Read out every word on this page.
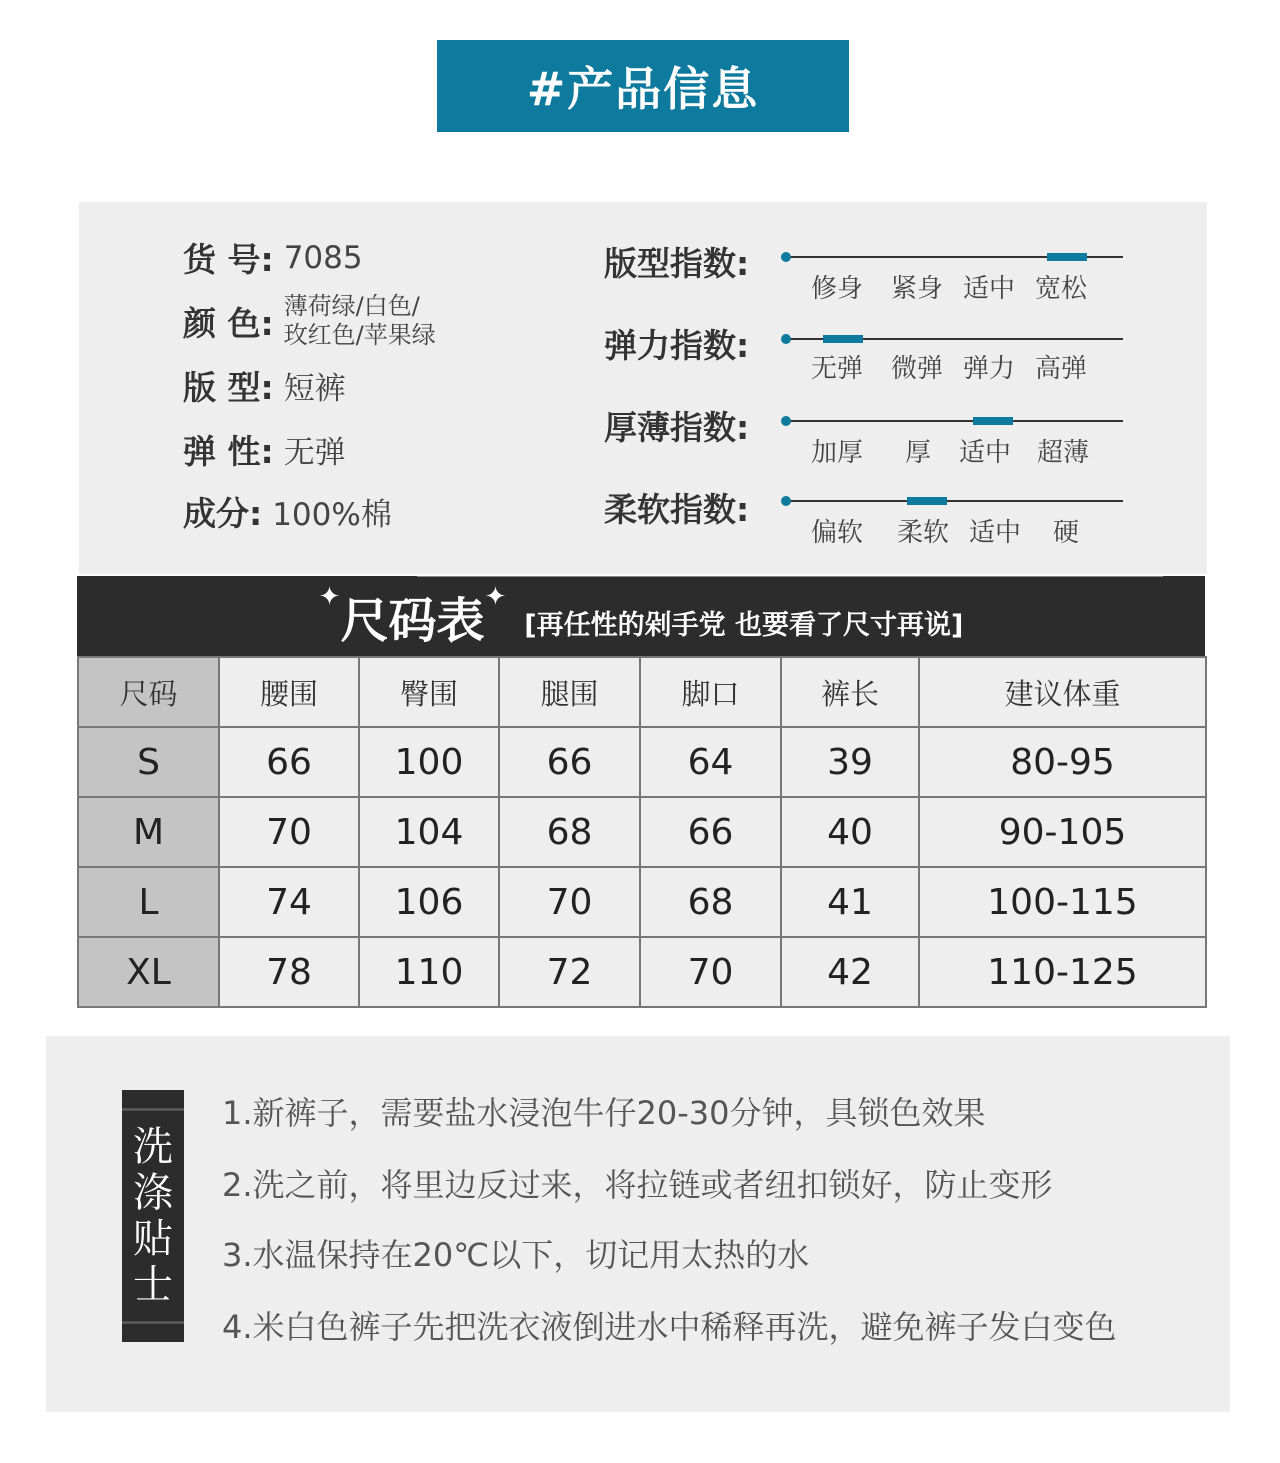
#产品信息
货 号: 7085
颜 色: 薄荷绿/白色/
玫红色/苹果绿
版 型: 短裤
弹 性: 无弹
成分: 100%棉
版型指数:
修身 紧身 适中 宽松
弹力指数:
无弹 微弹 弹力 高弹
厚薄指数:
加厚 厚 适中 超薄
柔软指数:
偏软 柔软 适中 硬
✦尺码表✦
[再任性的剁手党 也要看了尺寸再说]
尺码	腰围	臀围	腿围	脚口	裤长	建议体重
S	66	100	66	64	39	80-95
M	70	104	68	66	40	90-105
L	74	106	70	68	41	100-115
XL	78	110	72	70	42	110-125
洗
涤
贴
士
1.新裤子，需要盐水浸泡牛仔20-30分钟，具锁色效果
2.洗之前，将里边反过来，将拉链或者纽扣锁好，防止变形
3.水温保持在20℃以下，切记用太热的水
4.米白色裤子先把洗衣液倒进水中稀释再洗，避免裤子发白变色
